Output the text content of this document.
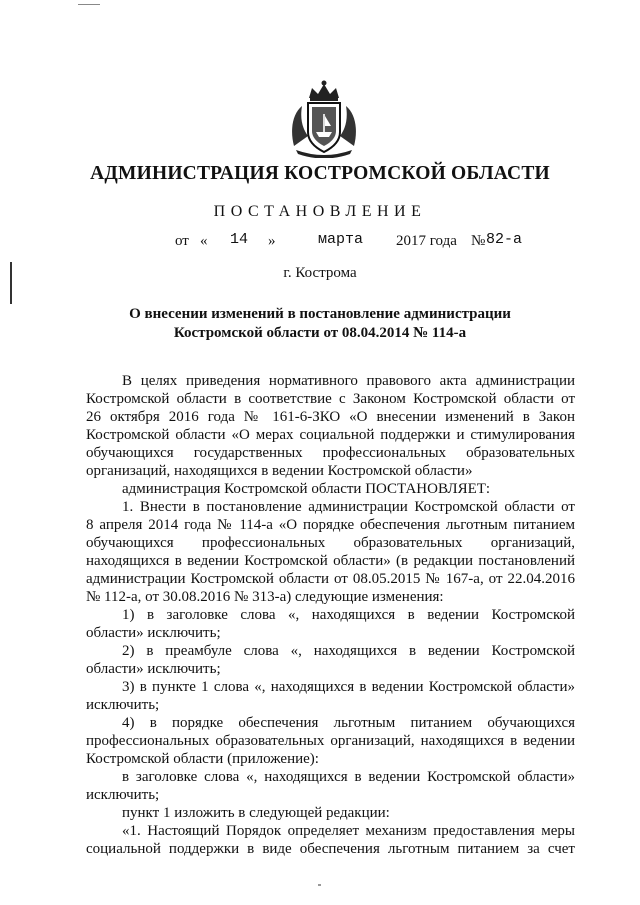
АДМИНИСТРАЦИЯ КОСТРОМСКОЙ ОБЛАСТИ
ПОСТАНОВЛЕНИЕ
от « 14 »	марта 2017 года № 82-а
г. Кострома
О внесении изменений в постановление администрации
Костромской области от 08.04.2014 № 114-а
В целях приведения нормативного правового акта администрации
Костромской области в соответствие с Законом Костромской области от
26 октября 2016 года № 161-6-ЗКО «О внесении изменений в Закон
Костромской области «О мерах социальной поддержки и стимулирования
обучающихся государственных профессиональных образовательных
организаций, находящихся в ведении Костромской области»
администрация Костромской области ПОСТАНОВЛЯЕТ:
1. Внести в постановление администрации Костромской области от
8 апреля 2014 года № 114-а «О порядке обеспечения льготным питанием
обучающихся профессиональных образовательных организаций,
находящихся в ведении Костромской области» (в редакции постановлений
администрации Костромской области от 08.05.2015 № 167-а, от 22.04.2016
№ 112-а, от 30.08.2016 № 313-а) следующие изменения:
1) в заголовке слова «, находящихся в ведении Костромской
области» исключить;
2) в преамбуле слова «, находящихся в ведении Костромской
области» исключить;
3) в пункте 1 слова «, находящихся в ведении Костромской области»
исключить;
4) в порядке обеспечения льготным питанием обучающихся
профессиональных образовательных организаций, находящихся в ведении
Костромской области (приложение):
в заголовке слова «, находящихся в ведении Костромской области»
исключить;
пункт 1 изложить в следующей редакции:
«1. Настоящий Порядок определяет механизм предоставления меры
социальной поддержки в виде обеспечения льготным питанием за счет
